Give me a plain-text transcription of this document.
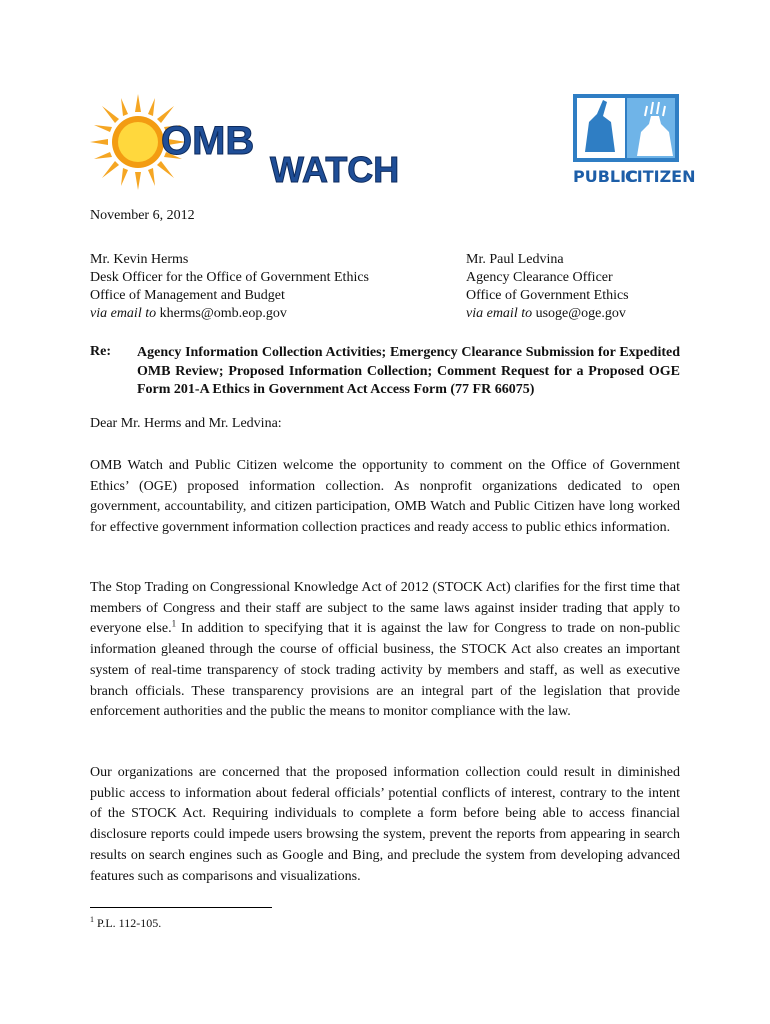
OMB
WATCH	PUBLIC
CITIZEN
November 6, 2012
Mr. Kevin Herms
Desk Officer for the Office of Government Ethics
Office of Management and Budget
via email to kherms@omb.eop.gov
Mr. Paul Ledvina
Agency Clearance Officer
Office of Government Ethics
via email to usoge@oge.gov
Re: Agency Information Collection Activities; Emergency Clearance Submission for Expedited OMB Review; Proposed Information Collection; Comment Request for a Proposed OGE Form 201-A Ethics in Government Act Access Form (77 FR 66075)
Dear Mr. Herms and Mr. Ledvina:
OMB Watch and Public Citizen welcome the opportunity to comment on the Office of Government Ethics’ (OGE) proposed information collection. As nonprofit organizations dedicated to open government, accountability, and citizen participation, OMB Watch and Public Citizen have long worked for effective government information collection practices and ready access to public ethics information.
The Stop Trading on Congressional Knowledge Act of 2012 (STOCK Act) clarifies for the first time that members of Congress and their staff are subject to the same laws against insider trading that apply to everyone else.$^1$ In addition to specifying that it is against the law for Congress to trade on non-public information gleaned through the course of official business, the STOCK Act also creates an important system of real-time transparency of stock trading activity by members and staff, as well as executive branch officials. These transparency provisions are an integral part of the legislation that provide enforcement authorities and the public the means to monitor compliance with the law.
Our organizations are concerned that the proposed information collection could result in diminished public access to information about federal officials’ potential conflicts of interest, contrary to the intent of the STOCK Act. Requiring individuals to complete a form before being able to access financial disclosure reports could impede users browsing the system, prevent the reports from appearing in search results on search engines such as Google and Bing, and preclude the system from developing advanced features such as comparisons and visualizations.
$^1$ P.L. 112-105.
